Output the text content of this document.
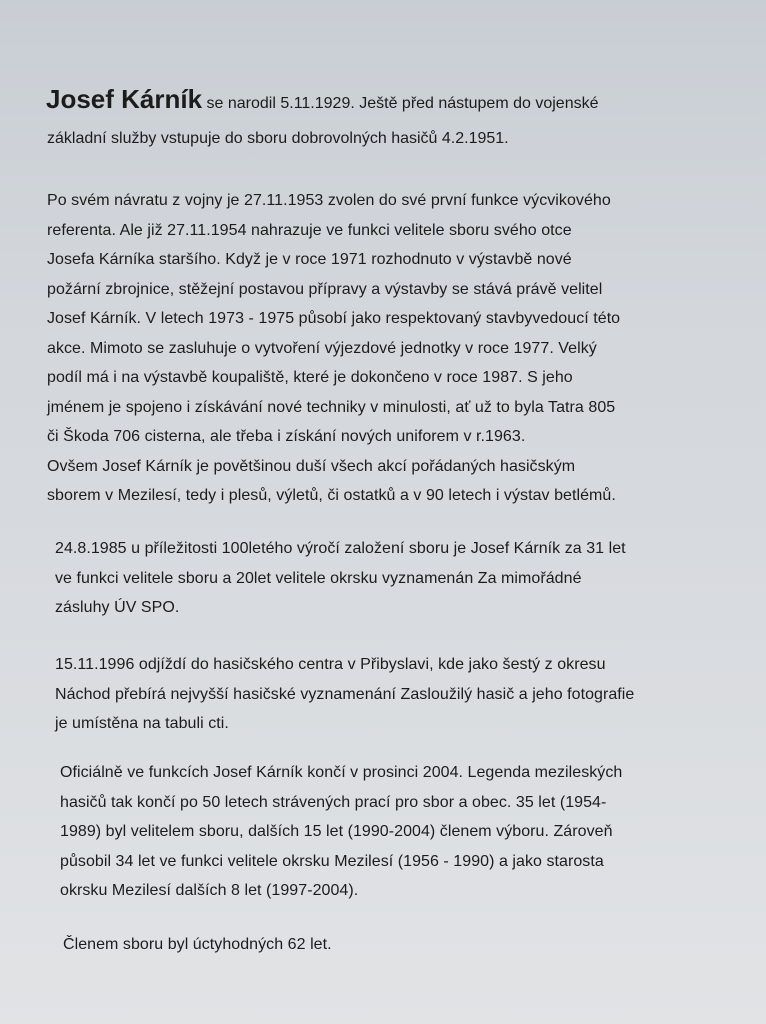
Josef Kárník se narodil 5.11.1929. Ještě před nástupem do vojenské
základní služby vstupuje do sboru dobrovolných hasičů 4.2.1951.
Po svém návratu z vojny je 27.11.1953 zvolen do své první funkce výcvikového
referenta. Ale již 27.11.1954 nahrazuje ve funkci velitele sboru svého otce
Josefa Kárníka staršího. Když je v roce 1971 rozhodnuto v výstavbě nové
požární zbrojnice, stěžejní postavou přípravy a výstavby se stává právě velitel
Josef Kárník. V letech 1973 - 1975 působí jako respektovaný stavbyvedoucí této
akce. Mimoto se zasluhuje o vytvoření výjezdové jednotky v roce 1977. Velký
podíl má i na výstavbě koupaliště, které je dokončeno v roce 1987. S jeho
jménem je spojeno i získávání nové techniky v minulosti, ať už to byla Tatra 805
či Škoda 706 cisterna, ale třeba i získání nových uniforem v r.1963.
Ovšem Josef Kárník je povětšinou duší všech akcí pořádaných hasičským
sborem v Mezilesí, tedy i plesů, výletů, či ostatků a v 90 letech i výstav betlémů.
24.8.1985 u příležitosti 100letého výročí založení sboru je Josef Kárník za 31 let
ve funkci velitele sboru a 20let velitele okrsku vyznamenán Za mimořádné
zásluhy ÚV SPO.
15.11.1996 odjíždí do hasičského centra v Přibyslavi, kde jako šestý z okresu
Náchod přebírá nejvyšší hasičské vyznamenání Zasloužilý hasič a jeho fotografie
je umístěna na tabuli cti.
Oficiálně ve funkcích Josef Kárník končí v prosinci 2004. Legenda mezileských
hasičů tak končí po 50 letech strávených prací pro sbor a obec. 35 let (1954-
1989) byl velitelem sboru, dalších 15 let (1990-2004) členem výboru. Zároveň
působil 34 let ve funkci velitele okrsku Mezilesí (1956 - 1990) a jako starosta
okrsku Mezilesí dalších 8 let (1997-2004).
Členem sboru byl úctyhodných 62 let.
